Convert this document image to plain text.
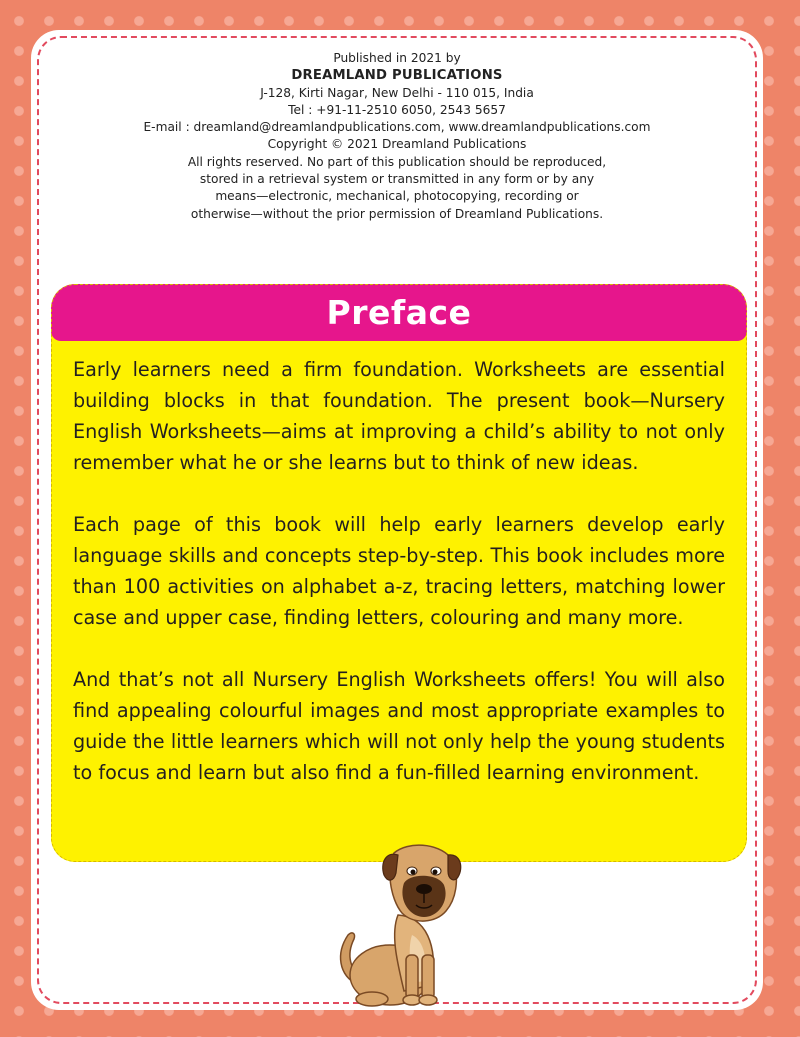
Published in 2021 by
DREAMLAND PUBLICATIONS
J-128, Kirti Nagar, New Delhi - 110 015, India
Tel : +91-11-2510 6050, 2543 5657
E-mail : dreamland@dreamlandpublications.com, www.dreamlandpublications.com
Copyright © 2021 Dreamland Publications
All rights reserved. No part of this publication should be reproduced, stored in a retrieval system or transmitted in any form or by any means—electronic, mechanical, photocopying, recording or otherwise—without the prior permission of Dreamland Publications.
Preface

Early learners need a firm foundation. Worksheets are essential building blocks in that foundation. The present book—Nursery English Worksheets—aims at improving a child’s ability to not only remember what he or she learns but to think of new ideas.

Each page of this book will help early learners develop early language skills and concepts step-by-step. This book includes more than 100 activities on alphabet a-z, tracing letters, matching lower case and upper case, finding letters, colouring and many more.

And that’s not all Nursery English Worksheets offers! You will also find appealing colourful images and most appropriate examples to guide the little learners which will not only help the young students to focus and learn but also find a fun-filled learning environment.
